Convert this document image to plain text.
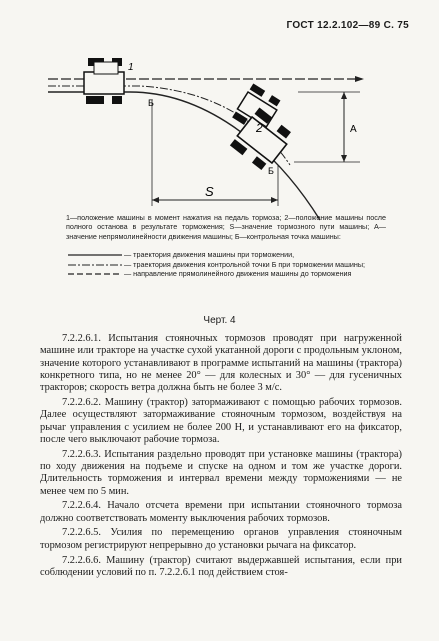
ГОСТ 12.2.102—89 С. 75
1
Б
2	А
Б
S
1—положение машины в момент нажатия на педаль тормоза; 2—положение машины после полного останова в результате торможения; S—значение тормозного пути машины; А—значение непрямолинейности движения машины; Б—контрольная точка машины:
— траектория движения машины при торможении,
— траектория движения контрольной точки Б при торможении машины;
— направление прямолинейного движения машины до торможения
Черт. 4

7.2.2.6.1. Испытания стояночных тормозов проводят при нагруженной машине или тракторе на участке сухой укатанной дороги с продольным уклоном, значение которого устанавливают в программе испытаний на машины (трактора) конкретного типа, но не менее 20° — для колесных и 30° — для гусеничных тракторов; скорость ветра должна быть не более 3 м/с.

7.2.2.6.2. Машину (трактор) затормаживают с помощью рабочих тормозов. Далее осуществляют затормаживание стояночным тормозом, воздействуя на рычаг управления с усилием не более 200 Н, и устанавливают его на фиксатор, после чего выключают рабочие тормоза.

7.2.2.6.3. Испытания раздельно проводят при установке машины (трактора) по ходу движения на подъеме и спуске на одном и том же участке дороги. Длительность торможения и интервал времени между торможениями — не менее чем по 5 мин.

7.2.2.6.4. Начало отсчета времени при испытании стояночного тормоза должно соответствовать моменту выключения рабочих тормозов.

7.2.2.6.5. Усилия по перемещению органов управления стояночным тормозом регистрируют непрерывно до установки рычага на фиксатор.

7.2.2.6.6. Машину (трактор) считают выдержавшей испытания, если при соблюдении условий по п. 7.2.2.6.1 под действием стоя-
